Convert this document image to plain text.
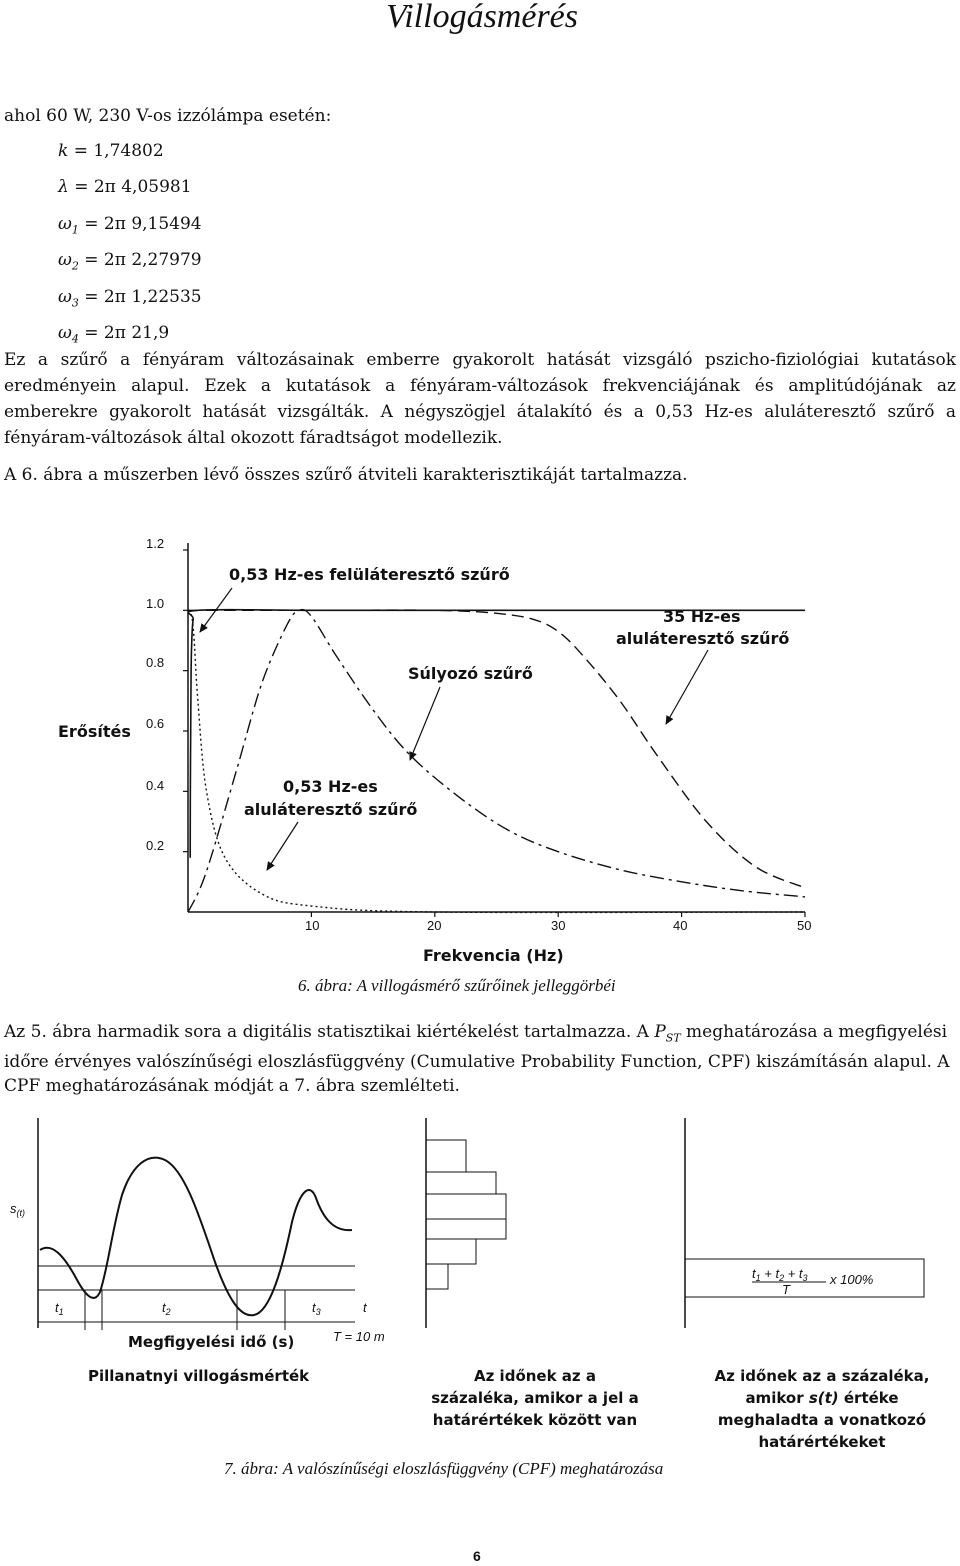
Villogásmérés
ahol 60 W, 230 V-os izzólámpa esetén:
k = 1,74802
λ = 2π 4,05981
$\omega_1 = 2\pi$ 9,15494
$\omega_2 = 2\pi$ 2,27979
$\omega_3 = 2\pi$ 1,22535
$\omega_4 = 2\pi$ 21,9
Ez a szűrő a fényáram változásainak emberre gyakorolt hatását vizsgáló pszicho-fiziológiai kutatások eredményein alapul. Ezek a kutatások a fényáram-változások frekvenciájának és amplitúdójának az emberekre gyakorolt hatását vizsgálták. A négyszögjel átalakító és a 0,53 Hz-es aluláteresztő szűrő a fényáram-változások által okozott fáradtságot modellezik.
A 6. ábra a műszerben lévő összes szűrő átviteli karakterisztikáját tartalmazza.
1.2
1.0
0.8
0.6
0.4
0.2
10	20	30	40	50
Erősítés
Frekvencia (Hz)
0,53 Hz-es felüláteresztő szűrő
35 Hz-es
aluláteresztő szűrő
Súlyozó szűrő
0,53 Hz-es
aluláteresztő szűrő
$s_{(t)}$
$t_1$	$t_2$	$t_3$	t
T = 10 m
Megfigyelési idő (s)
$t_1 + t_2 + t_3$
T
x 100%
Pillanatnyi villogásmérték	Az időnek az a
százaléka, amikor a jel a
határértékek között van
Az időnek az a százaléka,
amikor s(t) értéke
meghaladta a vonatkozó
határértékeket
6. ábra: A villogásmérő szűrőinek jelleggörbéi
Az 5. ábra harmadik sora a digitális statisztikai kiértékelést tartalmazza. A $P_{ST}$ meghatározása a megfigyelési időre érvényes valószínűségi eloszlásfüggvény (Cumulative Probability Function, CPF) kiszámításán alapul. A CPF meghatározásának módját a 7. ábra szemlélteti.
7. ábra: A valószínűségi eloszlásfüggvény (CPF) meghatározása
6
